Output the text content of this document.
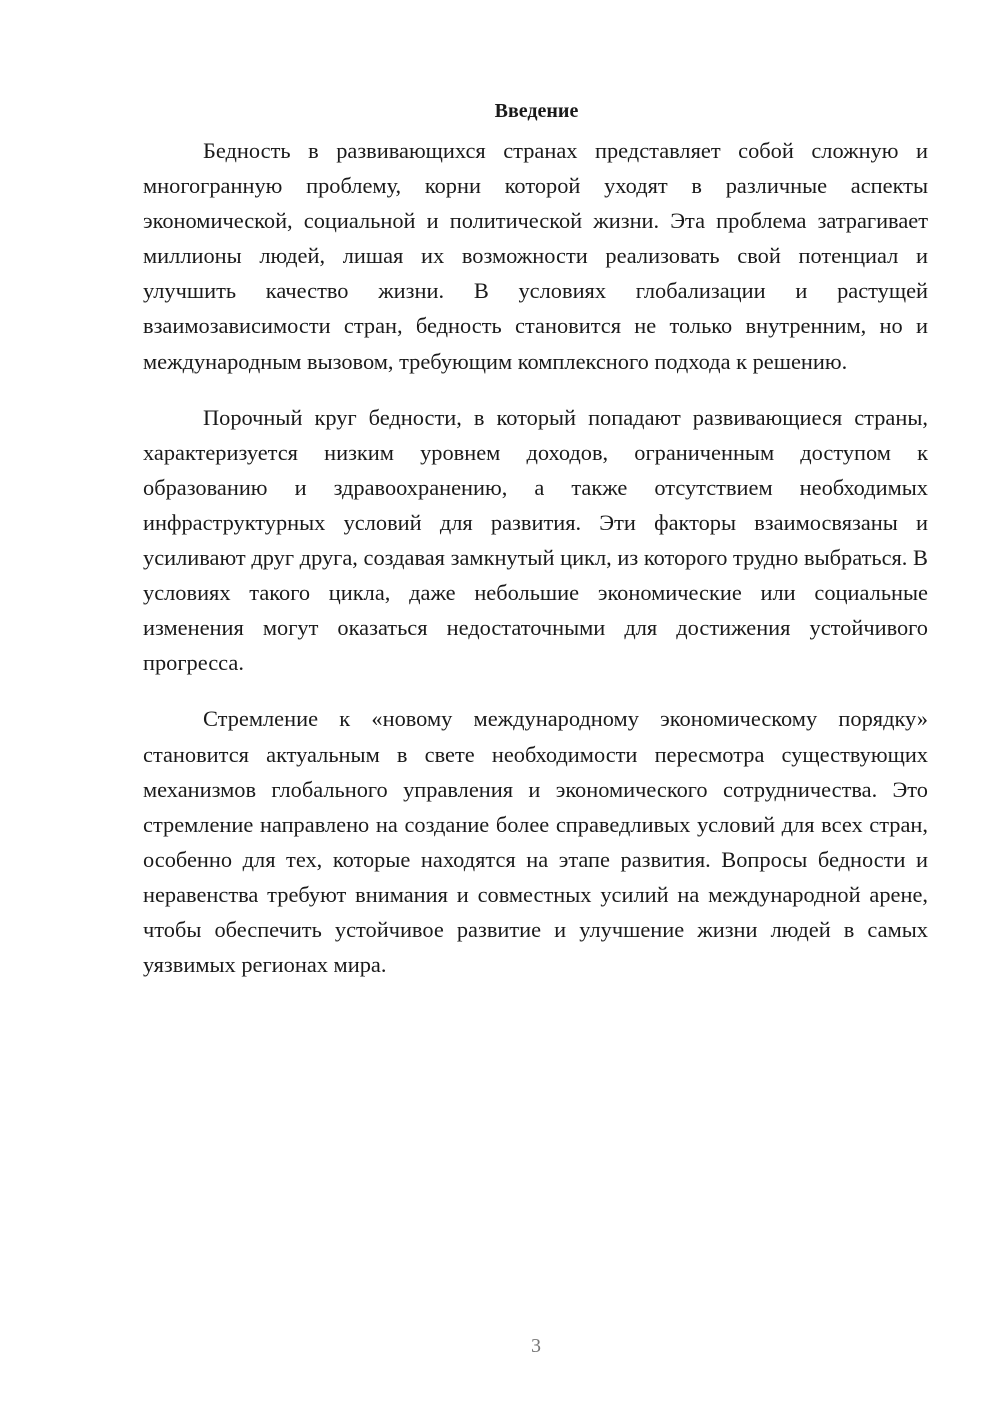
Введение

Бедность в развивающихся странах представляет собой сложную и многогранную проблему, корни которой уходят в различные аспекты экономической, социальной и политической жизни. Эта проблема затрагивает миллионы людей, лишая их возможности реализовать свой потенциал и улучшить качество жизни. В условиях глобализации и растущей взаимозависимости стран, бедность становится не только внутренним, но и международным вызовом, требующим комплексного подхода к решению.

Порочный круг бедности, в который попадают развивающиеся страны, характеризуется низким уровнем доходов, ограниченным доступом к образованию и здравоохранению, а также отсутствием необходимых инфраструктурных условий для развития. Эти факторы взаимосвязаны и усиливают друг друга, создавая замкнутый цикл, из которого трудно выбраться. В условиях такого цикла, даже небольшие экономические или социальные изменения могут оказаться недостаточными для достижения устойчивого прогресса.

Стремление к «новому международному экономическому порядку» становится актуальным в свете необходимости пересмотра существующих механизмов глобального управления и экономического сотрудничества. Это стремление направлено на создание более справедливых условий для всех стран, особенно для тех, которые находятся на этапе развития. Вопросы бедности и неравенства требуют внимания и совместных усилий на международной арене, чтобы обеспечить устойчивое развитие и улучшение жизни людей в самых уязвимых регионах мира.

3
